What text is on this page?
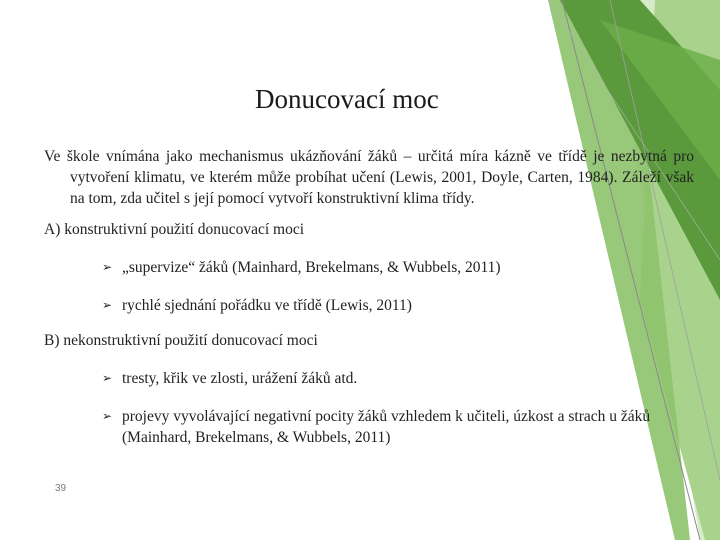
Donucovací moc

Ve škole vnímána jako mechanismus ukázňování žáků – určitá míra kázně ve třídě je nezbytná pro vytvoření klimatu, ve kterém může probíhat učení (Lewis, 2001, Doyle, Carten, 1984). Záleží však na tom, zda učitel s její pomocí vytvoří konstruktivní klima třídy.

A) konstruktivní použití donucovací moci

➢ „supervize“ žáků (Mainhard, Brekelmans, & Wubbels, 2011)
➢ rychlé sjednání pořádku ve třídě (Lewis, 2011)

B) nekonstruktivní použití donucovací moci

➢ tresty, křik ve zlosti, urážení žáků atd.
➢ projevy vyvolávající negativní pocity žáků vzhledem k učiteli, úzkost a strach u žáků (Mainhard, Brekelmans, & Wubbels, 2011)
39
